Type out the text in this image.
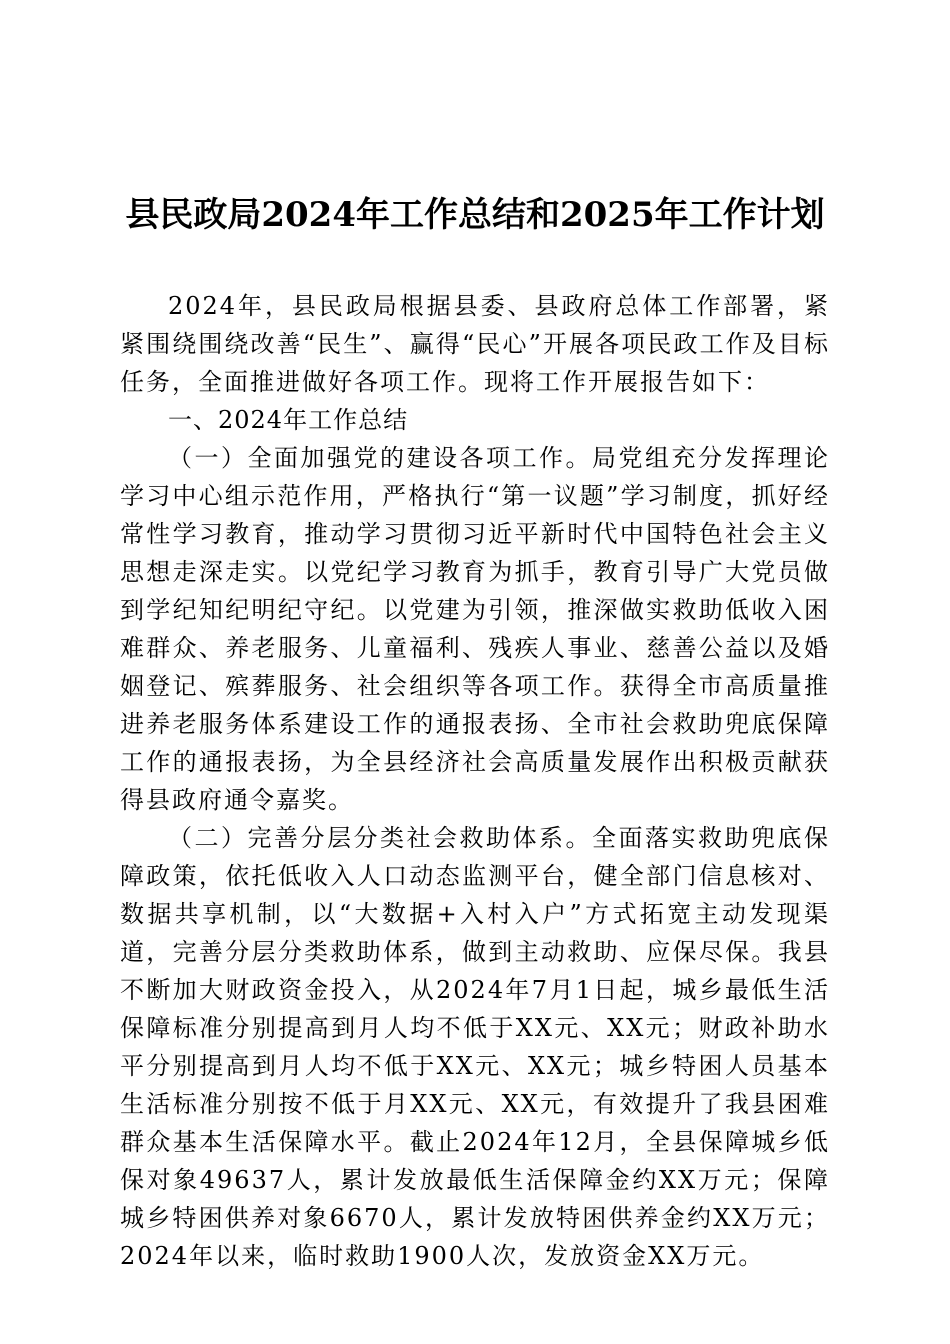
县民政局2024年工作总结和2025年工作计划

2024年，县民政局根据县委、县政府总体工作部署，紧紧围绕围绕改善“民生”、赢得“民心”开展各项民政工作及目标任务，全面推进做好各项工作。现将工作开展报告如下：

一、2024年工作总结

（一）全面加强党的建设各项工作。局党组充分发挥理论学习中心组示范作用，严格执行“第一议题”学习制度，抓好经常性学习教育，推动学习贯彻习近平新时代中国特色社会主义思想走深走实。以党纪学习教育为抓手，教育引导广大党员做到学纪知纪明纪守纪。以党建为引领，推深做实救助低收入困难群众、养老服务、儿童福利、残疾人事业、慈善公益以及婚姻登记、殡葬服务、社会组织等各项工作。获得全市高质量推进养老服务体系建设工作的通报表扬、全市社会救助兜底保障工作的通报表扬，为全县经济社会高质量发展作出积极贡献获得县政府通令嘉奖。

（二）完善分层分类社会救助体系。全面落实救助兜底保障政策，依托低收入人口动态监测平台，健全部门信息核对、数据共享机制，以“大数据+入村入户”方式拓宽主动发现渠道，完善分层分类救助体系，做到主动救助、应保尽保。我县不断加大财政资金投入，从2024年7月1日起，城乡最低生活保障标准分别提高到月人均不低于XX元、XX元；财政补助水平分别提高到月人均不低于XX元、XX元；城乡特困人员基本生活标准分别按不低于月XX元、XX元，有效提升了我县困难群众基本生活保障水平。截止2024年12月，全县保障城乡低保对象49637人，累计发放最低生活保障金约XX万元；保障城乡特困供养对象6670人，累计发放特困供养金约XX万元；2024年以来，临时救助1900人次，发放资金XX万元。
